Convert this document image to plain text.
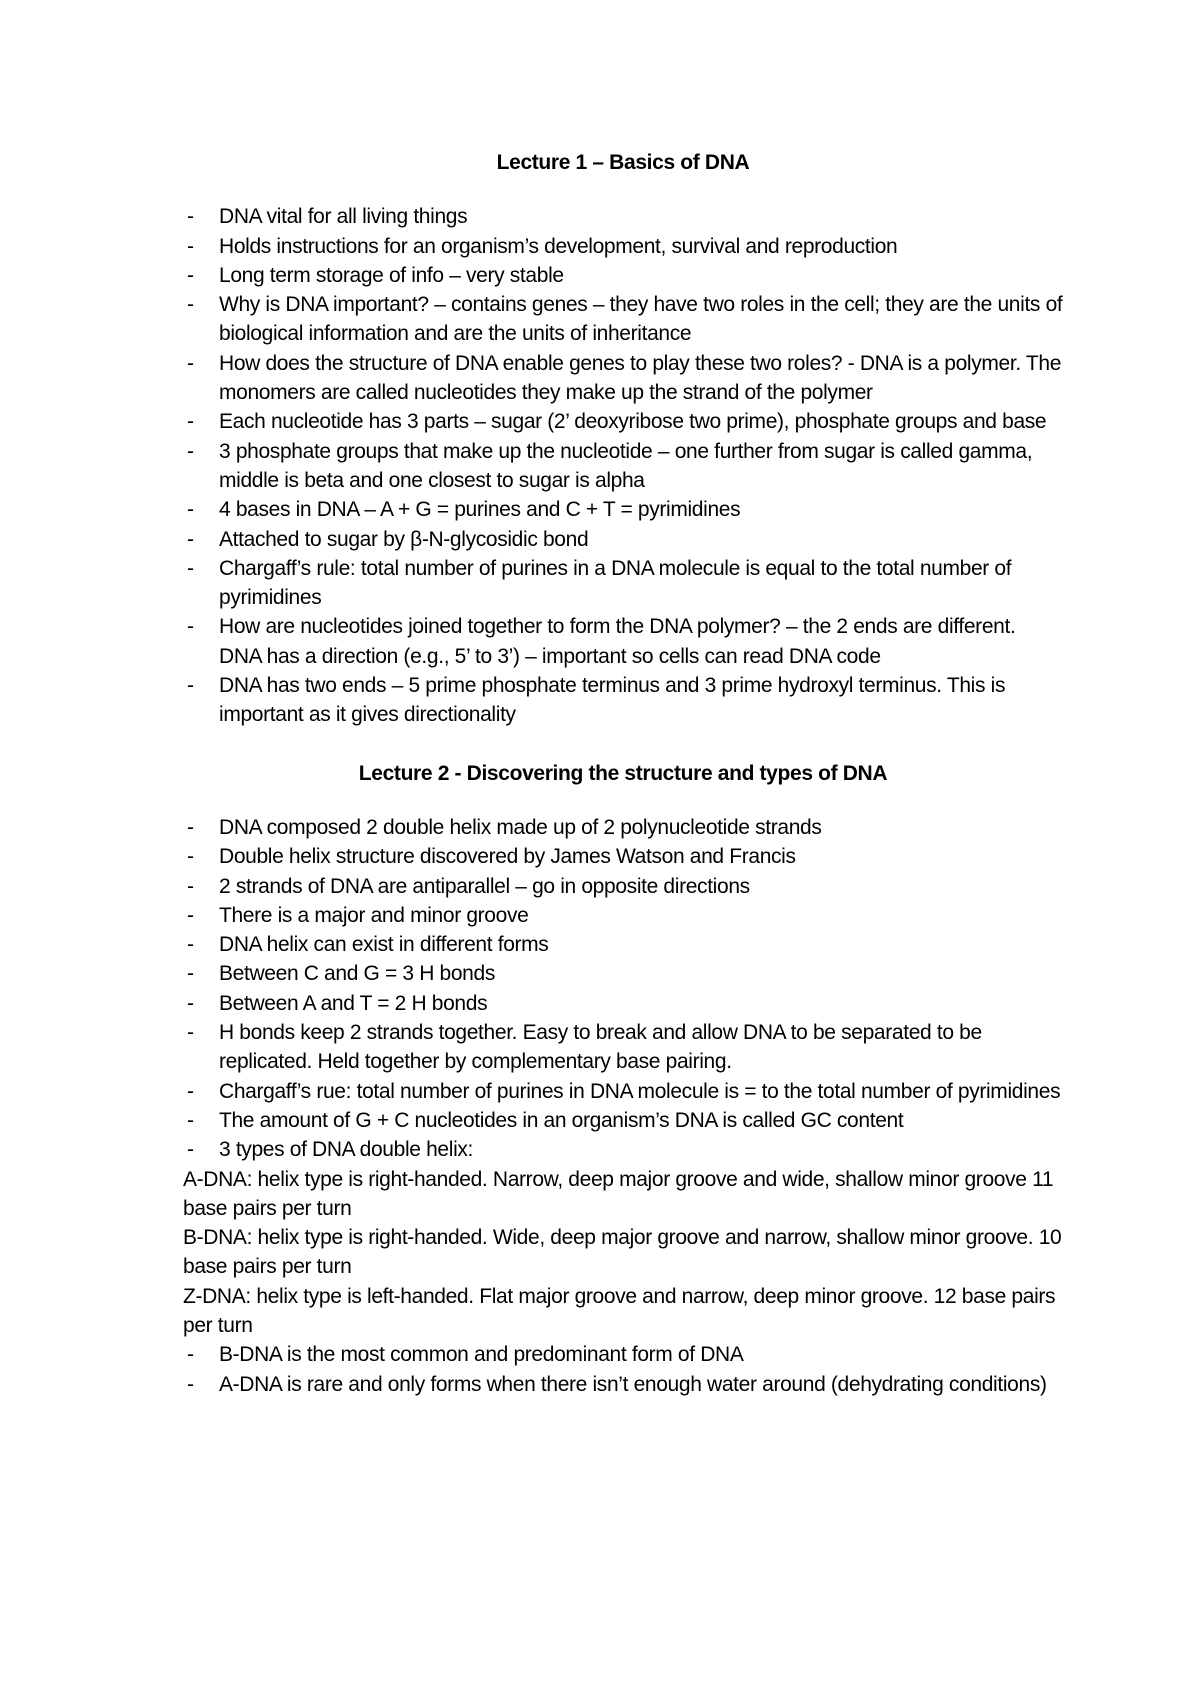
Lecture 1 – Basics of DNA

- DNA vital for all living things
- Holds instructions for an organism’s development, survival and reproduction
- Long term storage of info – very stable
- Why is DNA important? – contains genes – they have two roles in the cell; they are the units of biological information and are the units of inheritance
- How does the structure of DNA enable genes to play these two roles? - DNA is a polymer. The monomers are called nucleotides they make up the strand of the polymer
- Each nucleotide has 3 parts – sugar (2’ deoxyribose two prime), phosphate groups and base
- 3 phosphate groups that make up the nucleotide – one further from sugar is called gamma, middle is beta and one closest to sugar is alpha
- 4 bases in DNA – A + G = purines and C + T = pyrimidines
- Attached to sugar by β-N-glycosidic bond
- Chargaff’s rule: total number of purines in a DNA molecule is equal to the total number of pyrimidines
- How are nucleotides joined together to form the DNA polymer? – the 2 ends are different. DNA has a direction (e.g., 5’ to 3’) – important so cells can read DNA code
- DNA has two ends – 5 prime phosphate terminus and 3 prime hydroxyl terminus. This is important as it gives directionality

Lecture 2 - Discovering the structure and types of DNA

- DNA composed 2 double helix made up of 2 polynucleotide strands
- Double helix structure discovered by James Watson and Francis
- 2 strands of DNA are antiparallel – go in opposite directions
- There is a major and minor groove
- DNA helix can exist in different forms
- Between C and G = 3 H bonds
- Between A and T = 2 H bonds
- H bonds keep 2 strands together. Easy to break and allow DNA to be separated to be replicated. Held together by complementary base pairing.
- Chargaff’s rue: total number of purines in DNA molecule is = to the total number of pyrimidines
- The amount of G + C nucleotides in an organism’s DNA is called GC content
- 3 types of DNA double helix:

A-DNA: helix type is right-handed. Narrow, deep major groove and wide, shallow minor groove 11 base pairs per turn

B-DNA: helix type is right-handed. Wide, deep major groove and narrow, shallow minor groove. 10 base pairs per turn

Z-DNA: helix type is left-handed. Flat major groove and narrow, deep minor groove. 12 base pairs per turn

- B-DNA is the most common and predominant form of DNA
- A-DNA is rare and only forms when there isn’t enough water around (dehydrating conditions)
